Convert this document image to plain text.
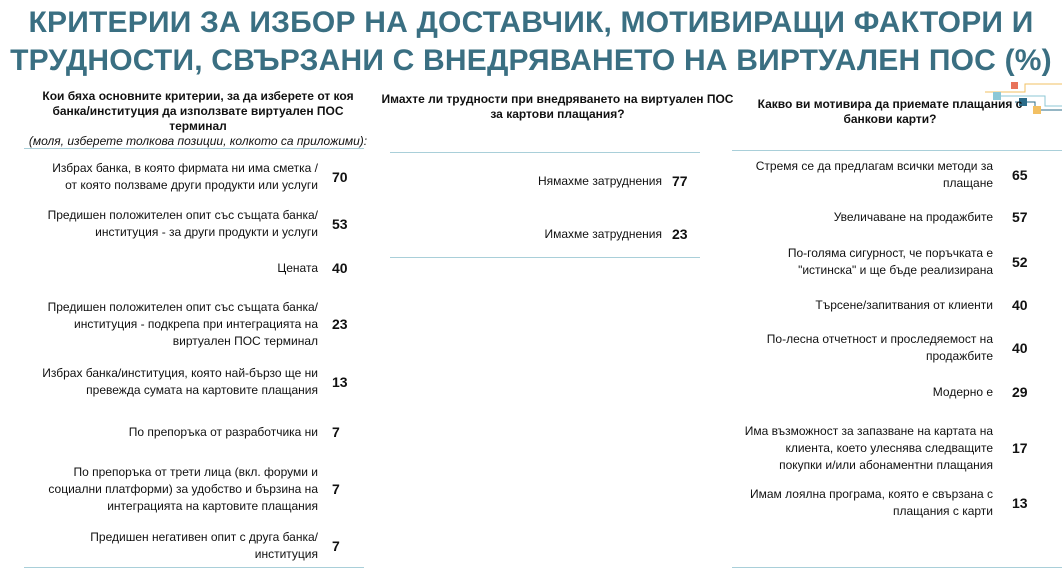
КРИТЕРИИ ЗА ИЗБОР НА ДОСТАВЧИК, МОТИВИРАЩИ ФАКТОРИ И
ТРУДНОСТИ, СВЪРЗАНИ С ВНЕДРЯВАНЕТО НА ВИРТУАЛЕН ПОС (%)
Кои бяха основните критерии, за да изберете от коя банка/институция да използвате виртуален ПОС терминал
(моля, изберете толкова позиции, колкото са приложими):
Избрах банка, в която фирмата ни има сметка / от която ползваме други продукти или услуги 70
Предишен положителен опит със същата банка/институция - за други продукти и услуги 53
Цената 40
Предишен положителен опит със същата банка/институция - подкрепа при интеграцията на виртуален ПОС терминал
23
Избрах банка/институция, която най-бързо ще ни превежда сумата на картовите плащания 13
По препоръка от разработчика ни 7
По препоръка от трети лица (вкл. форуми и социални платформи) за удобство и бързина на интеграцията на картовите плащания
7
Предишен негативен опит с друга банка/институция 7
Имахте ли трудности при внедряването на виртуален ПОС за картови плащания?
Нямахме затруднения 77
Имахме затруднения 23
Какво ви мотивира да приемате плащания с банкови карти?
Стремя се да предлагам всички методи за плащане 65
Увеличаване на продажбите 57
По-голяма сигурност, че поръчката е "истинска" и ще бъде реализирана 52
Търсене/запитвания от клиенти 40
По-лесна отчетност и проследяемост на продажбите 40
Модерно е 29
Има възможност за запазване на картата на клиента, което улеснява следващите покупки и/или абонаментни плащания
17
Имам лоялна програма, която е свързана с плащания с карти 13
